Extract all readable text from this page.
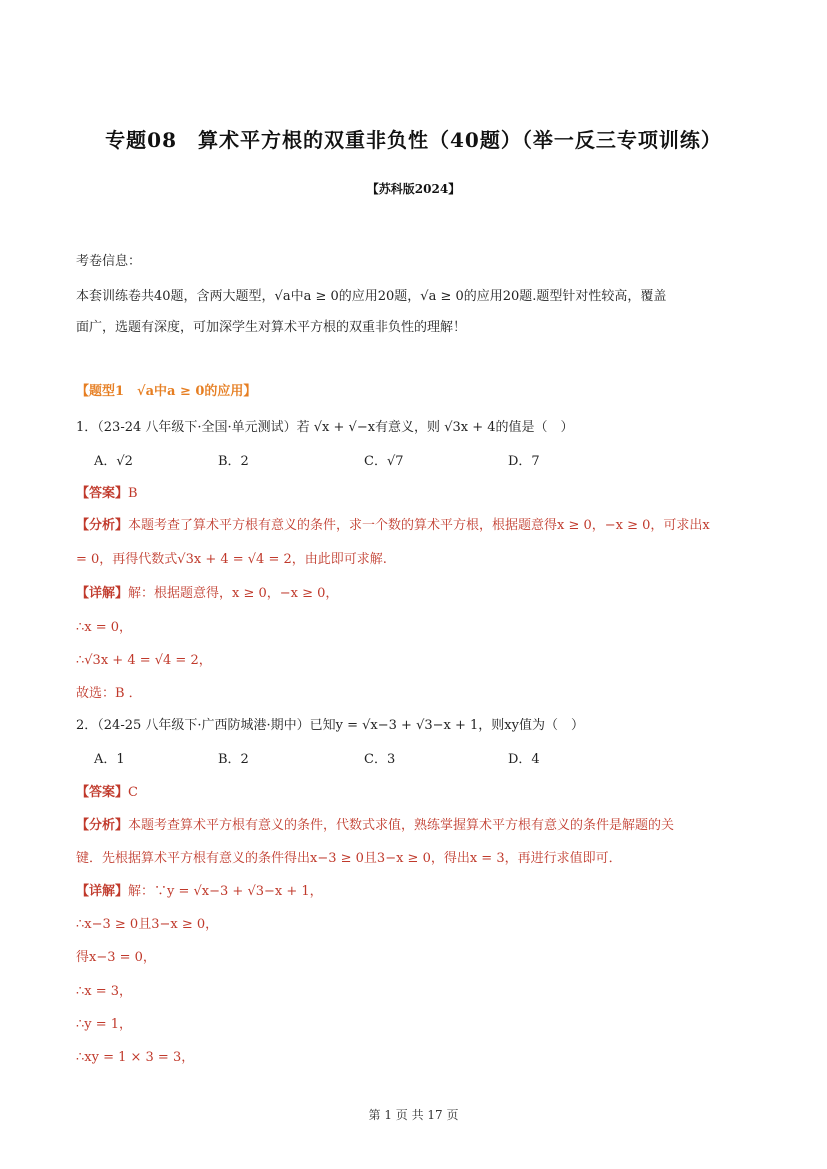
专题08　算术平方根的双重非负性（40题）（举一反三专项训练）
【苏科版2024】
考卷信息：
本套训练卷共40题，含两大题型，√a中a ≥ 0的应用20题，√a ≥ 0的应用20题.题型针对性较高，覆盖
面广，选题有深度，可加深学生对算术平方根的双重非负性的理解！
【题型1　√a中a ≥ 0的应用】
1．（23-24 八年级下·全国·单元测试）若 √x + √−x有意义，则 √3x + 4的值是（　）
A．√2	B．2	C．√7	D．7
【答案】B
【分析】本题考查了算术平方根有意义的条件，求一个数的算术平方根，根据题意得x ≥ 0，−x ≥ 0，可求出x
= 0，再得代数式√3x + 4 = √4 = 2，由此即可求解.
【详解】解：根据题意得，x ≥ 0，−x ≥ 0，
∴x = 0，
∴√3x + 4 = √4 = 2，
故选：B ．
2．（24-25 八年级下·广西防城港·期中）已知y = √x−3 + √3−x + 1，则xy值为（　）
A．1	B．2	C．3	D．4
【答案】C
【分析】本题考查算术平方根有意义的条件，代数式求值，熟练掌握算术平方根有意义的条件是解题的关
键．先根据算术平方根有意义的条件得出x−3 ≥ 0且3−x ≥ 0，得出x = 3，再进行求值即可．
【详解】解：∵y = √x−3 + √3−x + 1，
∴x−3 ≥ 0且3−x ≥ 0，
得x−3 = 0，
∴x = 3，
∴y = 1，
∴xy = 1 × 3 = 3，
第 1 页 共 17 页
